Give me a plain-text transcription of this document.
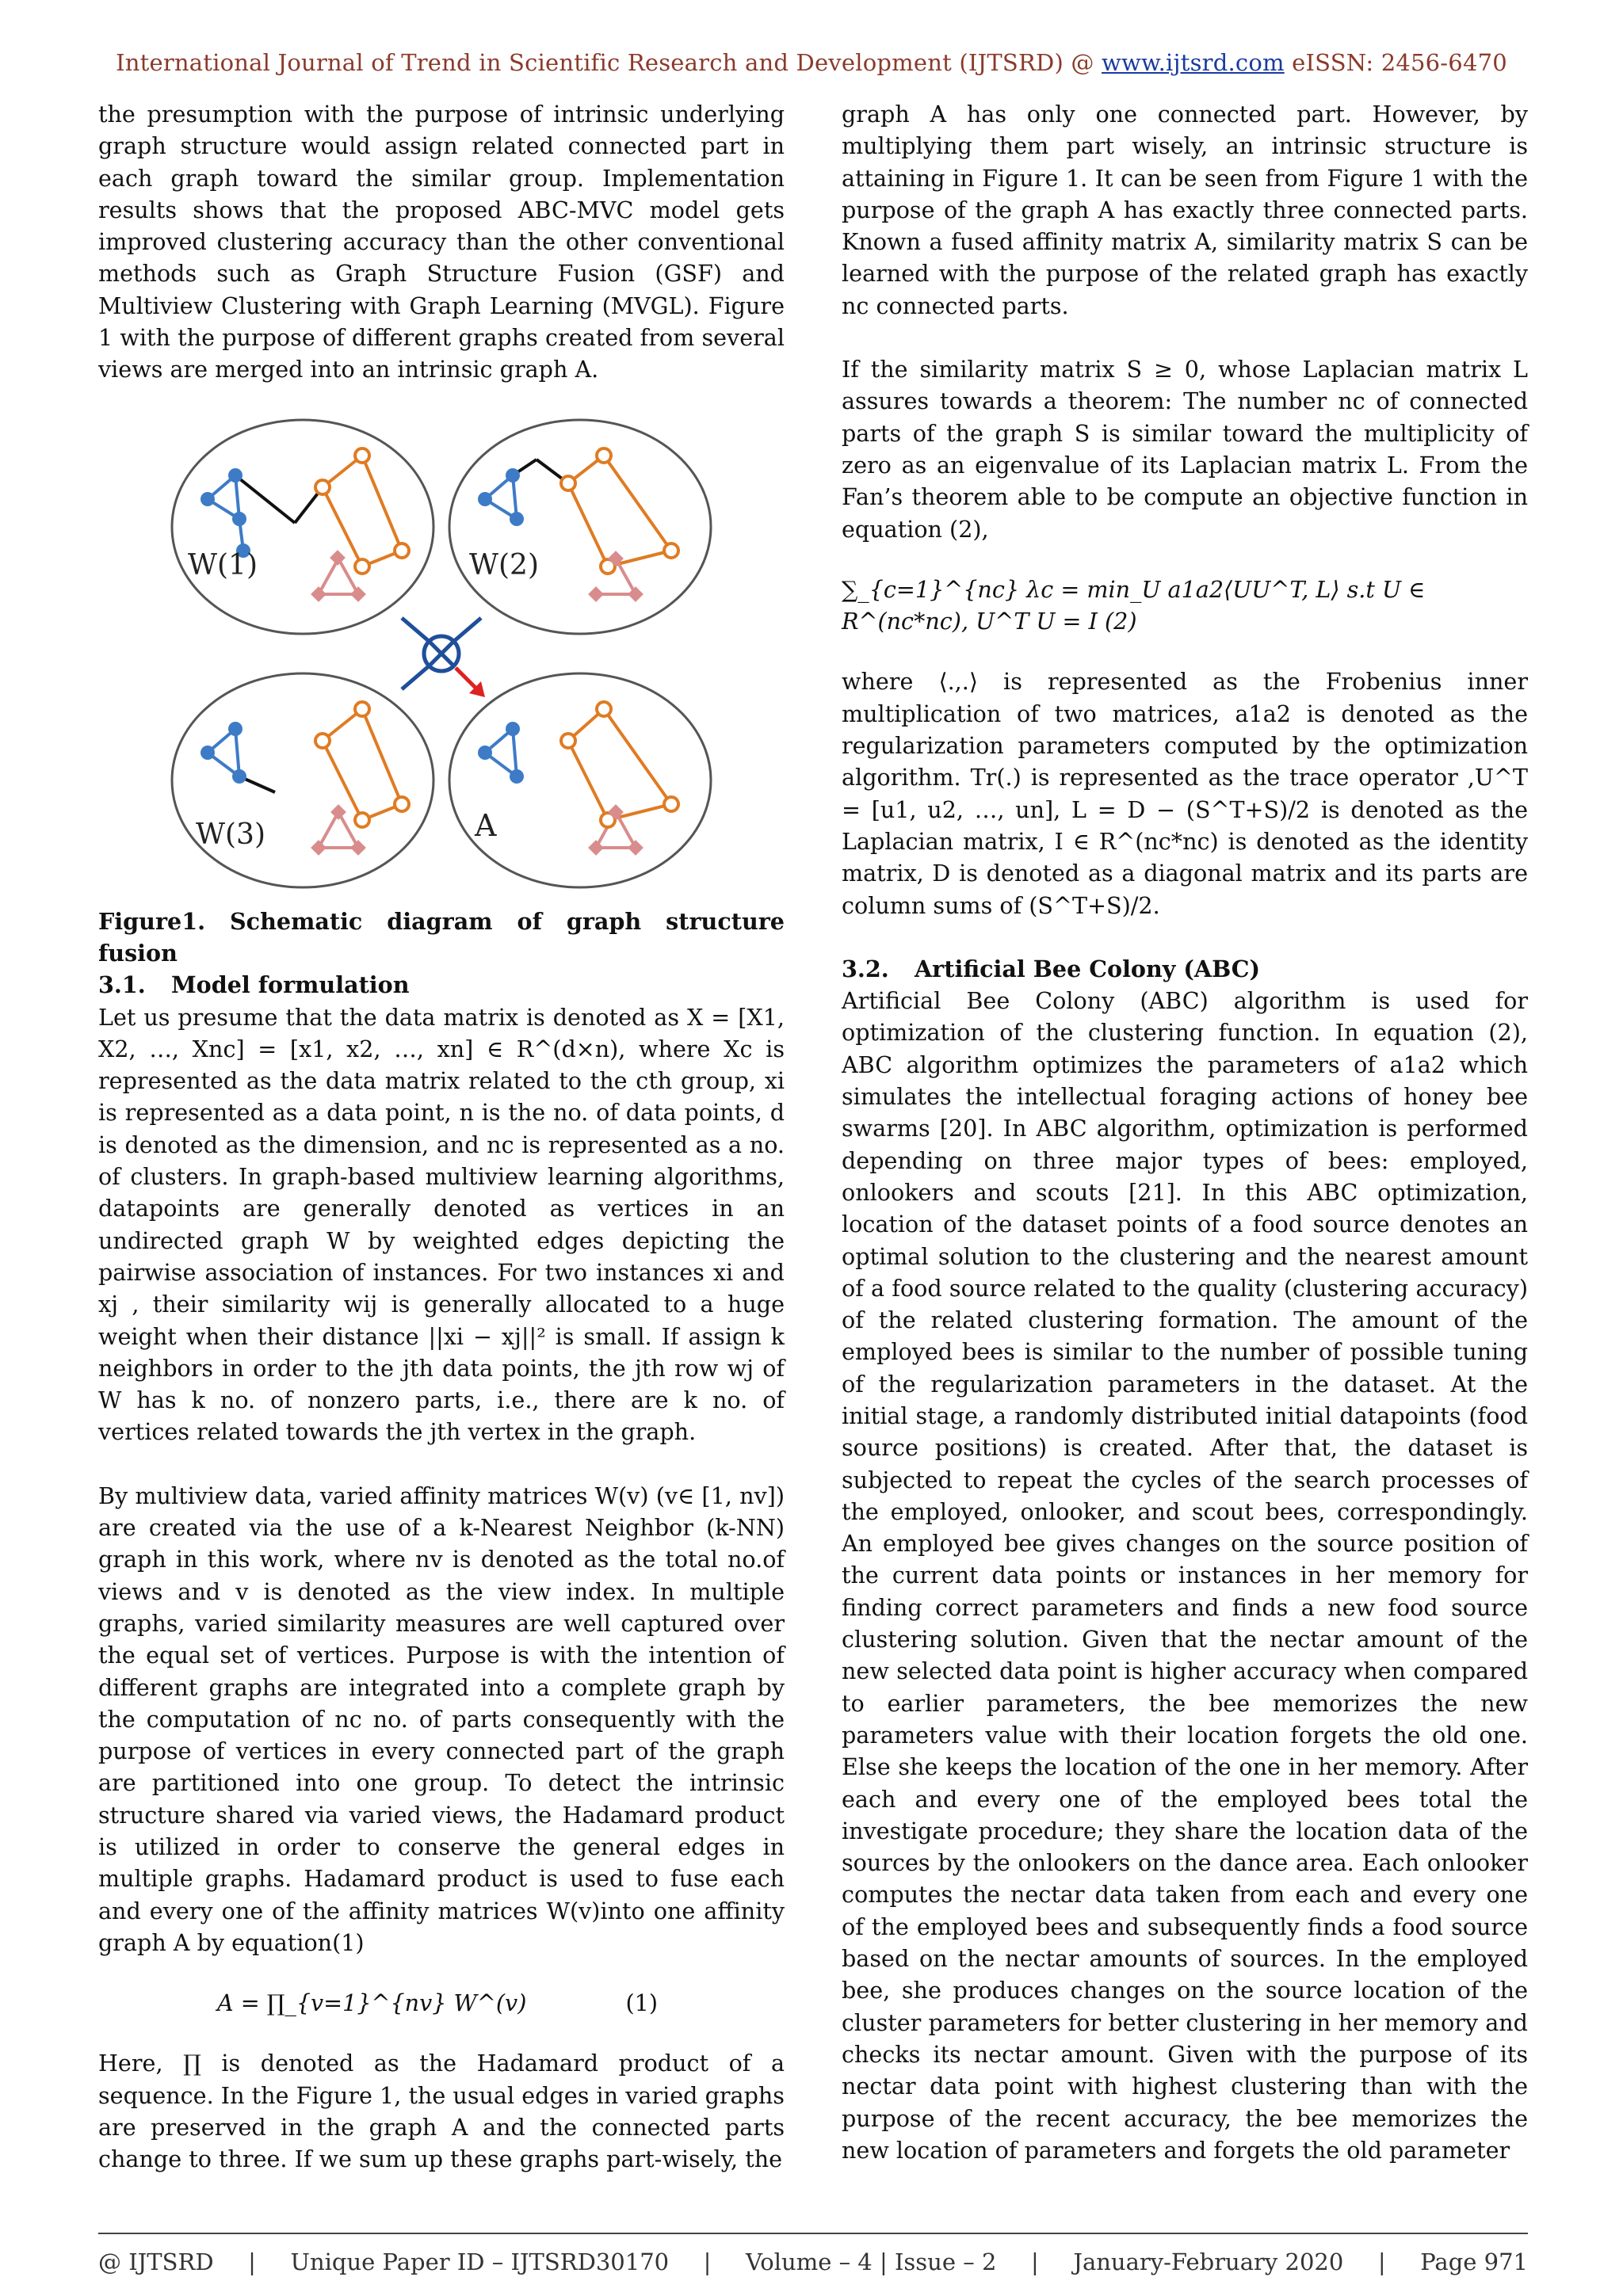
International Journal of Trend in Scientific Research and Development (IJTSRD) @ www.ijtsrd.com eISSN: 2456-6470

the presumption with the purpose of intrinsic underlying graph structure would assign related connected part in each graph toward the similar group. Implementation results shows that the proposed ABC-MVC model gets improved clustering accuracy than the other conventional methods such as Graph Structure Fusion (GSF) and Multiview Clustering with Graph Learning (MVGL). Figure 1 with the purpose of different graphs created from several views are merged into an intrinsic graph A.

W(1)	W(2)
W(3)	A

Figure1. Schematic diagram of graph structure fusion

3.1. Model formulation

Let us presume that the data matrix is denoted as X = [X1, X2, …, Xnc] = [x1, x2, …, xn] ∈ R^(d×n), where Xc is represented as the data matrix related to the cth group, xi is represented as a data point, n is the no. of data points, d is denoted as the dimension, and nc is represented as a no. of clusters. In graph-based multiview learning algorithms, datapoints are generally denoted as vertices in an undirected graph W by weighted edges depicting the pairwise association of instances. For two instances xi and xj , their similarity wij is generally allocated to a huge weight when their distance ||xi − xj||² is small. If assign k neighbors in order to the jth data points, the jth row wj of W has k no. of nonzero parts, i.e., there are k no. of vertices related towards the jth vertex in the graph.

By multiview data, varied affinity matrices W(v) (v∈ [1, nv]) are created via the use of a k-Nearest Neighbor (k-NN) graph in this work, where nv is denoted as the total no.of views and v is denoted as the view index. In multiple graphs, varied similarity measures are well captured over the equal set of vertices. Purpose is with the intention of different graphs are integrated into a complete graph by the computation of nc no. of parts consequently with the purpose of vertices in every connected part of the graph are partitioned into one group. To detect the intrinsic structure shared via varied views, the Hadamard product is utilized in order to conserve the general edges in multiple graphs. Hadamard product is used to fuse each and every one of the affinity matrices W(v)into one affinity graph A by equation(1)

A = ∏_{v=1}^{nv} W^(v)	(1)

Here, ∏ is denoted as the Hadamard product of a sequence. In the Figure 1, the usual edges in varied graphs are preserved in the graph A and the connected parts change to three. If we sum up these graphs part-wisely, the

graph A has only one connected part. However, by multiplying them part wisely, an intrinsic structure is attaining in Figure 1. It can be seen from Figure 1 with the purpose of the graph A has exactly three connected parts. Known a fused affinity matrix A, similarity matrix S can be learned with the purpose of the related graph has exactly nc connected parts.

If the similarity matrix S ≥ 0, whose Laplacian matrix L assures towards a theorem: The number nc of connected parts of the graph S is similar toward the multiplicity of zero as an eigenvalue of its Laplacian matrix L. From the Fan’s theorem able to be compute an objective function in equation (2),

∑_{c=1}^{nc} λc = min_U a1a2⟨UU^T, L⟩ s.t U ∈ R^(nc*nc), U^T U = I (2)

where ⟨.,.⟩ is represented as the Frobenius inner multiplication of two matrices, a1a2 is denoted as the regularization parameters computed by the optimization algorithm. Tr(.) is represented as the trace operator ,U^T = [u1, u2, …, un], L = D − (S^T+S)/2 is denoted as the Laplacian matrix, I ∈ R^(nc*nc) is denoted as the identity matrix, D is denoted as a diagonal matrix and its parts are column sums of (S^T+S)/2.

3.2. Artificial Bee Colony (ABC)

Artificial Bee Colony (ABC) algorithm is used for optimization of the clustering function. In equation (2), ABC algorithm optimizes the parameters of a1a2 which simulates the intellectual foraging actions of honey bee swarms [20]. In ABC algorithm, optimization is performed depending on three major types of bees: employed, onlookers and scouts [21]. In this ABC optimization, location of the dataset points of a food source denotes an optimal solution to the clustering and the nearest amount of a food source related to the quality (clustering accuracy) of the related clustering formation. The amount of the employed bees is similar to the number of possible tuning of the regularization parameters in the dataset. At the initial stage, a randomly distributed initial datapoints (food source positions) is created. After that, the dataset is subjected to repeat the cycles of the search processes of the employed, onlooker, and scout bees, correspondingly. An employed bee gives changes on the source position of the current data points or instances in her memory for finding correct parameters and finds a new food source clustering solution. Given that the nectar amount of the new selected data point is higher accuracy when compared to earlier parameters, the bee memorizes the new parameters value with their location forgets the old one. Else she keeps the location of the one in her memory. After each and every one of the employed bees total the investigate procedure; they share the location data of the sources by the onlookers on the dance area. Each onlooker computes the nectar data taken from each and every one of the employed bees and subsequently finds a food source based on the nectar amounts of sources. In the employed bee, she produces changes on the source location of the cluster parameters for better clustering in her memory and checks its nectar amount. Given with the purpose of its nectar data point with highest clustering than with the purpose of the recent accuracy, the bee memorizes the new location of parameters and forgets the old parameter

@ IJTSRD | Unique Paper ID – IJTSRD30170 | Volume – 4 | Issue – 2 | January-February 2020 | Page 971
